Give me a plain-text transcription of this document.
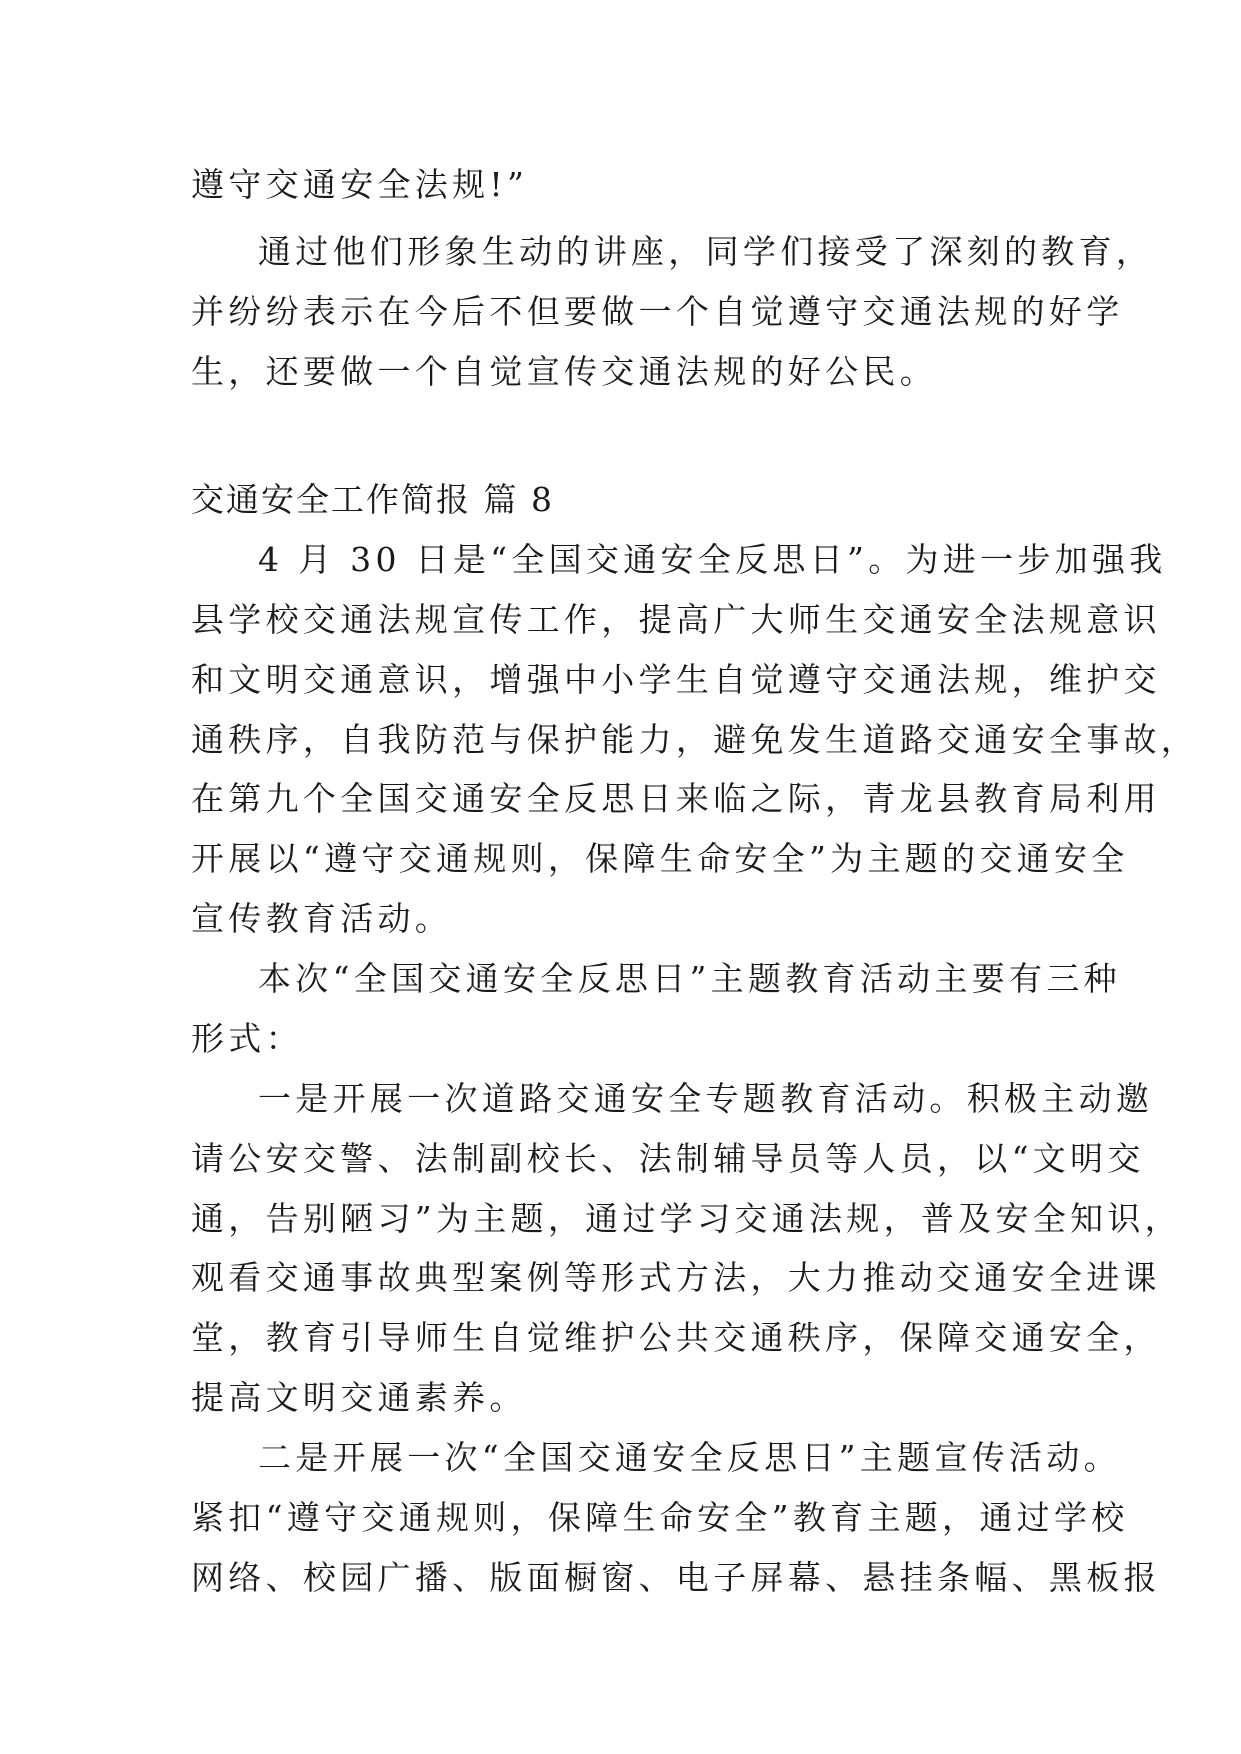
遵守交通安全法规!”
通过他们形象生动的讲座，同学们接受了深刻的教育，
并纷纷表示在今后不但要做一个自觉遵守交通法规的好学
生，还要做一个自觉宣传交通法规的好公民。
交通安全工作简报 篇 8
4 月 30 日是“全国交通安全反思日”。为进一步加强我
县学校交通法规宣传工作，提高广大师生交通安全法规意识
和文明交通意识，增强中小学生自觉遵守交通法规，维护交
通秩序，自我防范与保护能力，避免发生道路交通安全事故，
在第九个全国交通安全反思日来临之际，青龙县教育局利用
开展以“遵守交通规则，保障生命安全”为主题的交通安全
宣传教育活动。
本次“全国交通安全反思日”主题教育活动主要有三种
形式：
一是开展一次道路交通安全专题教育活动。积极主动邀
请公安交警、法制副校长、法制辅导员等人员，以“文明交
通，告别陋习”为主题，通过学习交通法规，普及安全知识，
观看交通事故典型案例等形式方法，大力推动交通安全进课
堂，教育引导师生自觉维护公共交通秩序，保障交通安全，
提高文明交通素养。
二是开展一次“全国交通安全反思日”主题宣传活动。
紧扣“遵守交通规则，保障生命安全”教育主题，通过学校
网络、校园广播、版面橱窗、电子屏幕、悬挂条幅、黑板报
